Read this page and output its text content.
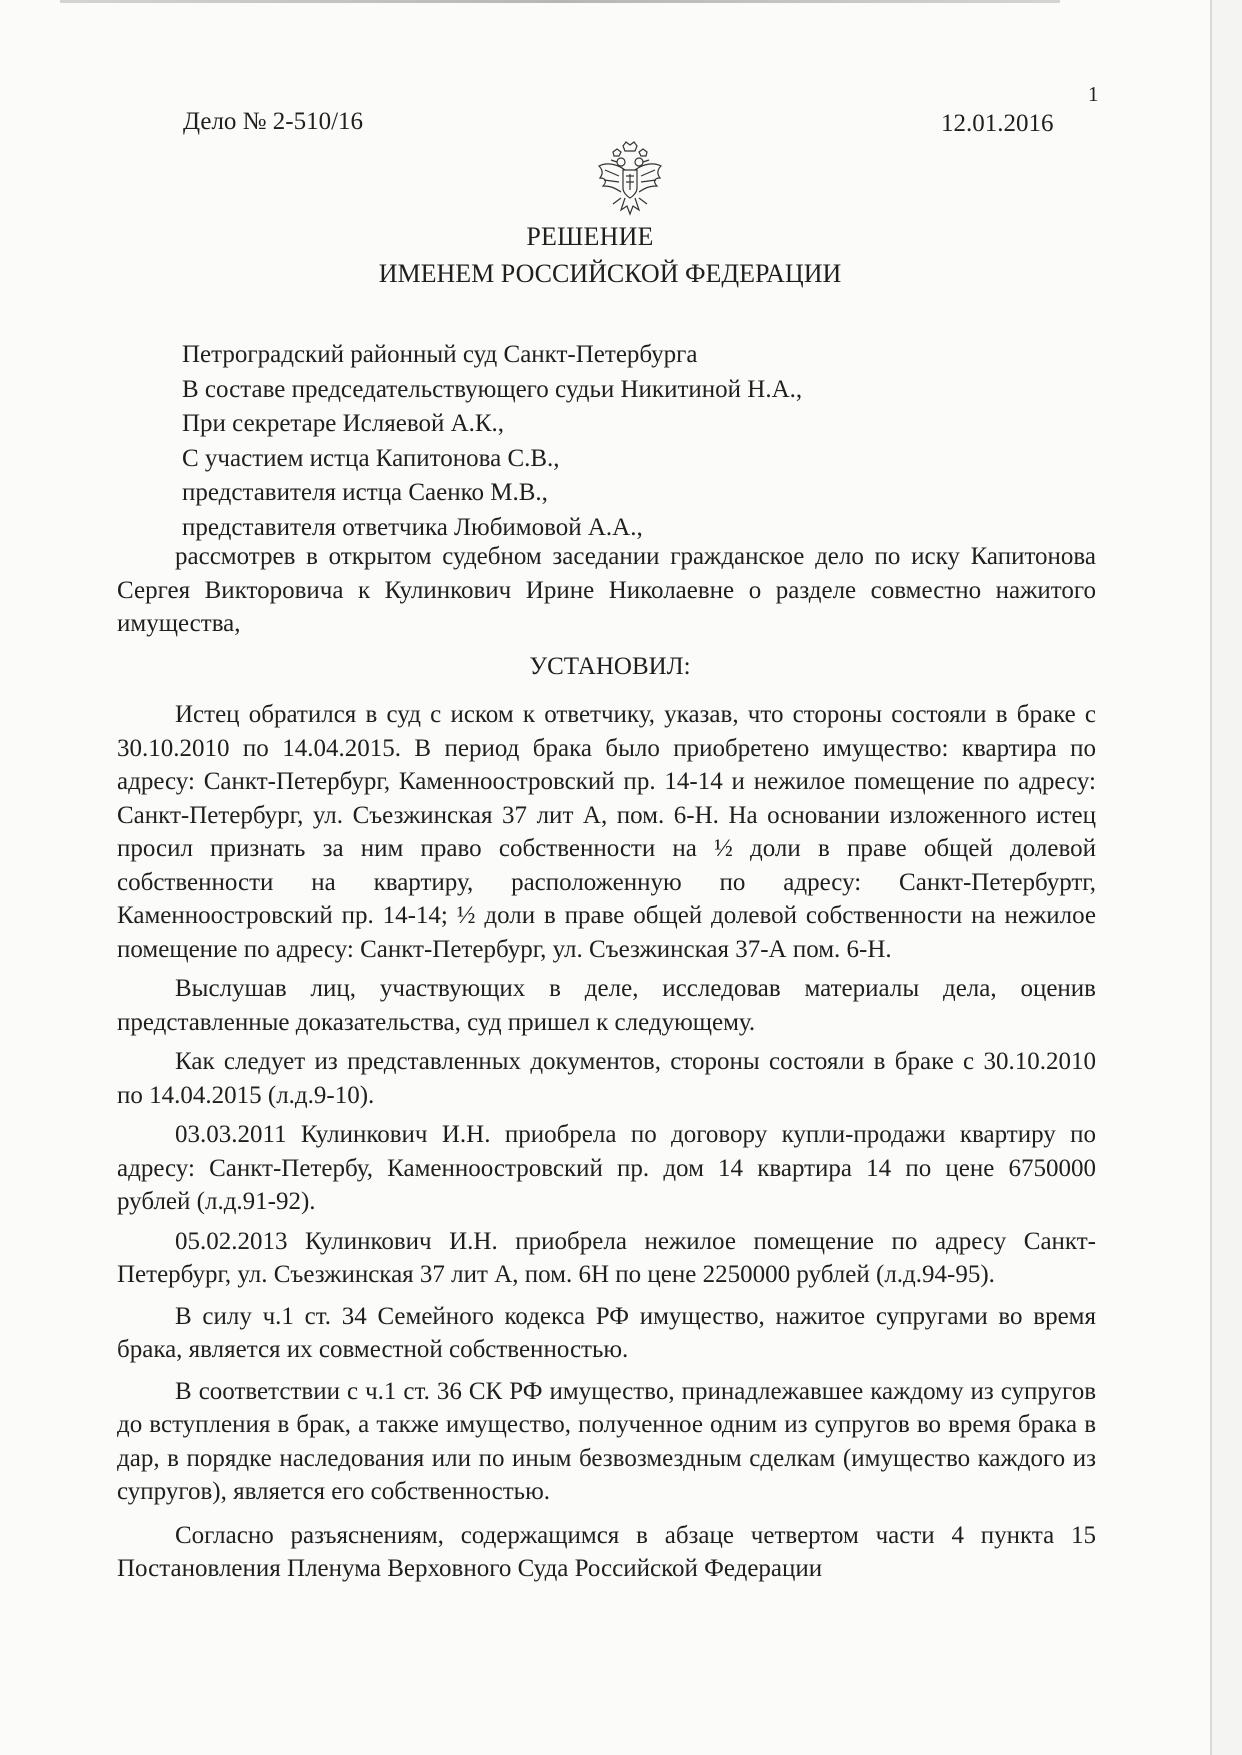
1
Дело № 2-510/16	12.01.2016
РЕШЕНИЕ
ИМЕНЕМ РОССИЙСКОЙ ФЕДЕРАЦИИ
Петроградский районный суд Санкт-Петербурга
В составе председательствующего судьи Никитиной Н.А.,
При секретаре Исляевой А.К.,
С участием истца Капитонова С.В.,
представителя истца Саенко М.В.,
представителя ответчика Любимовой А.А.,

рассмотрев в открытом судебном заседании гражданское дело по иску Капитонова Сергея Викторовича к Кулинкович Ирине Николаевне о разделе совместно нажитого имущества,

УСТАНОВИЛ:

Истец обратился в суд с иском к ответчику, указав, что стороны состояли в браке с 30.10.2010 по 14.04.2015. В период брака было приобретено имущество: квартира по адресу: Санкт-Петербург, Каменноостровский пр. 14-14 и нежилое помещение по адресу: Санкт-Петербург, ул. Съезжинская 37 лит А, пом. 6-Н. На основании изложенного истец просил признать за ним право собственности на ½ доли в праве общей долевой собственности на квартиру, расположенную по адресу: Санкт-Петербуртг, Каменноостровский пр. 14-14; ½ доли в праве общей долевой собственности на нежилое помещение по адресу: Санкт-Петербург, ул. Съезжинская 37-А пом. 6-Н.

Выслушав лиц, участвующих в деле, исследовав материалы дела, оценив представленные доказательства, суд пришел к следующему.

Как следует из представленных документов, стороны состояли в браке с 30.10.2010 по 14.04.2015 (л.д.9-10).

03.03.2011 Кулинкович И.Н. приобрела по договору купли-продажи квартиру по адресу: Санкт-Петербу, Каменноостровский пр. дом 14 квартира 14 по цене 6750000 рублей (л.д.91-92).

05.02.2013 Кулинкович И.Н. приобрела нежилое помещение по адресу Санкт-Петербург, ул. Съезжинская 37 лит А, пом. 6Н по цене 2250000 рублей (л.д.94-95).

В силу ч.1 ст. 34 Семейного кодекса РФ имущество, нажитое супругами во время брака, является их совместной собственностью.

В соответствии с ч.1 ст. 36 СК РФ имущество, принадлежавшее каждому из супругов до вступления в брак, а также имущество, полученное одним из супругов во время брака в дар, в порядке наследования или по иным безвозмездным сделкам (имущество каждого из супругов), является его собственностью.

Согласно разъяснениям, содержащимся в абзаце четвертом части 4 пункта 15 Постановления Пленума Верховного Суда Российской Федерации
